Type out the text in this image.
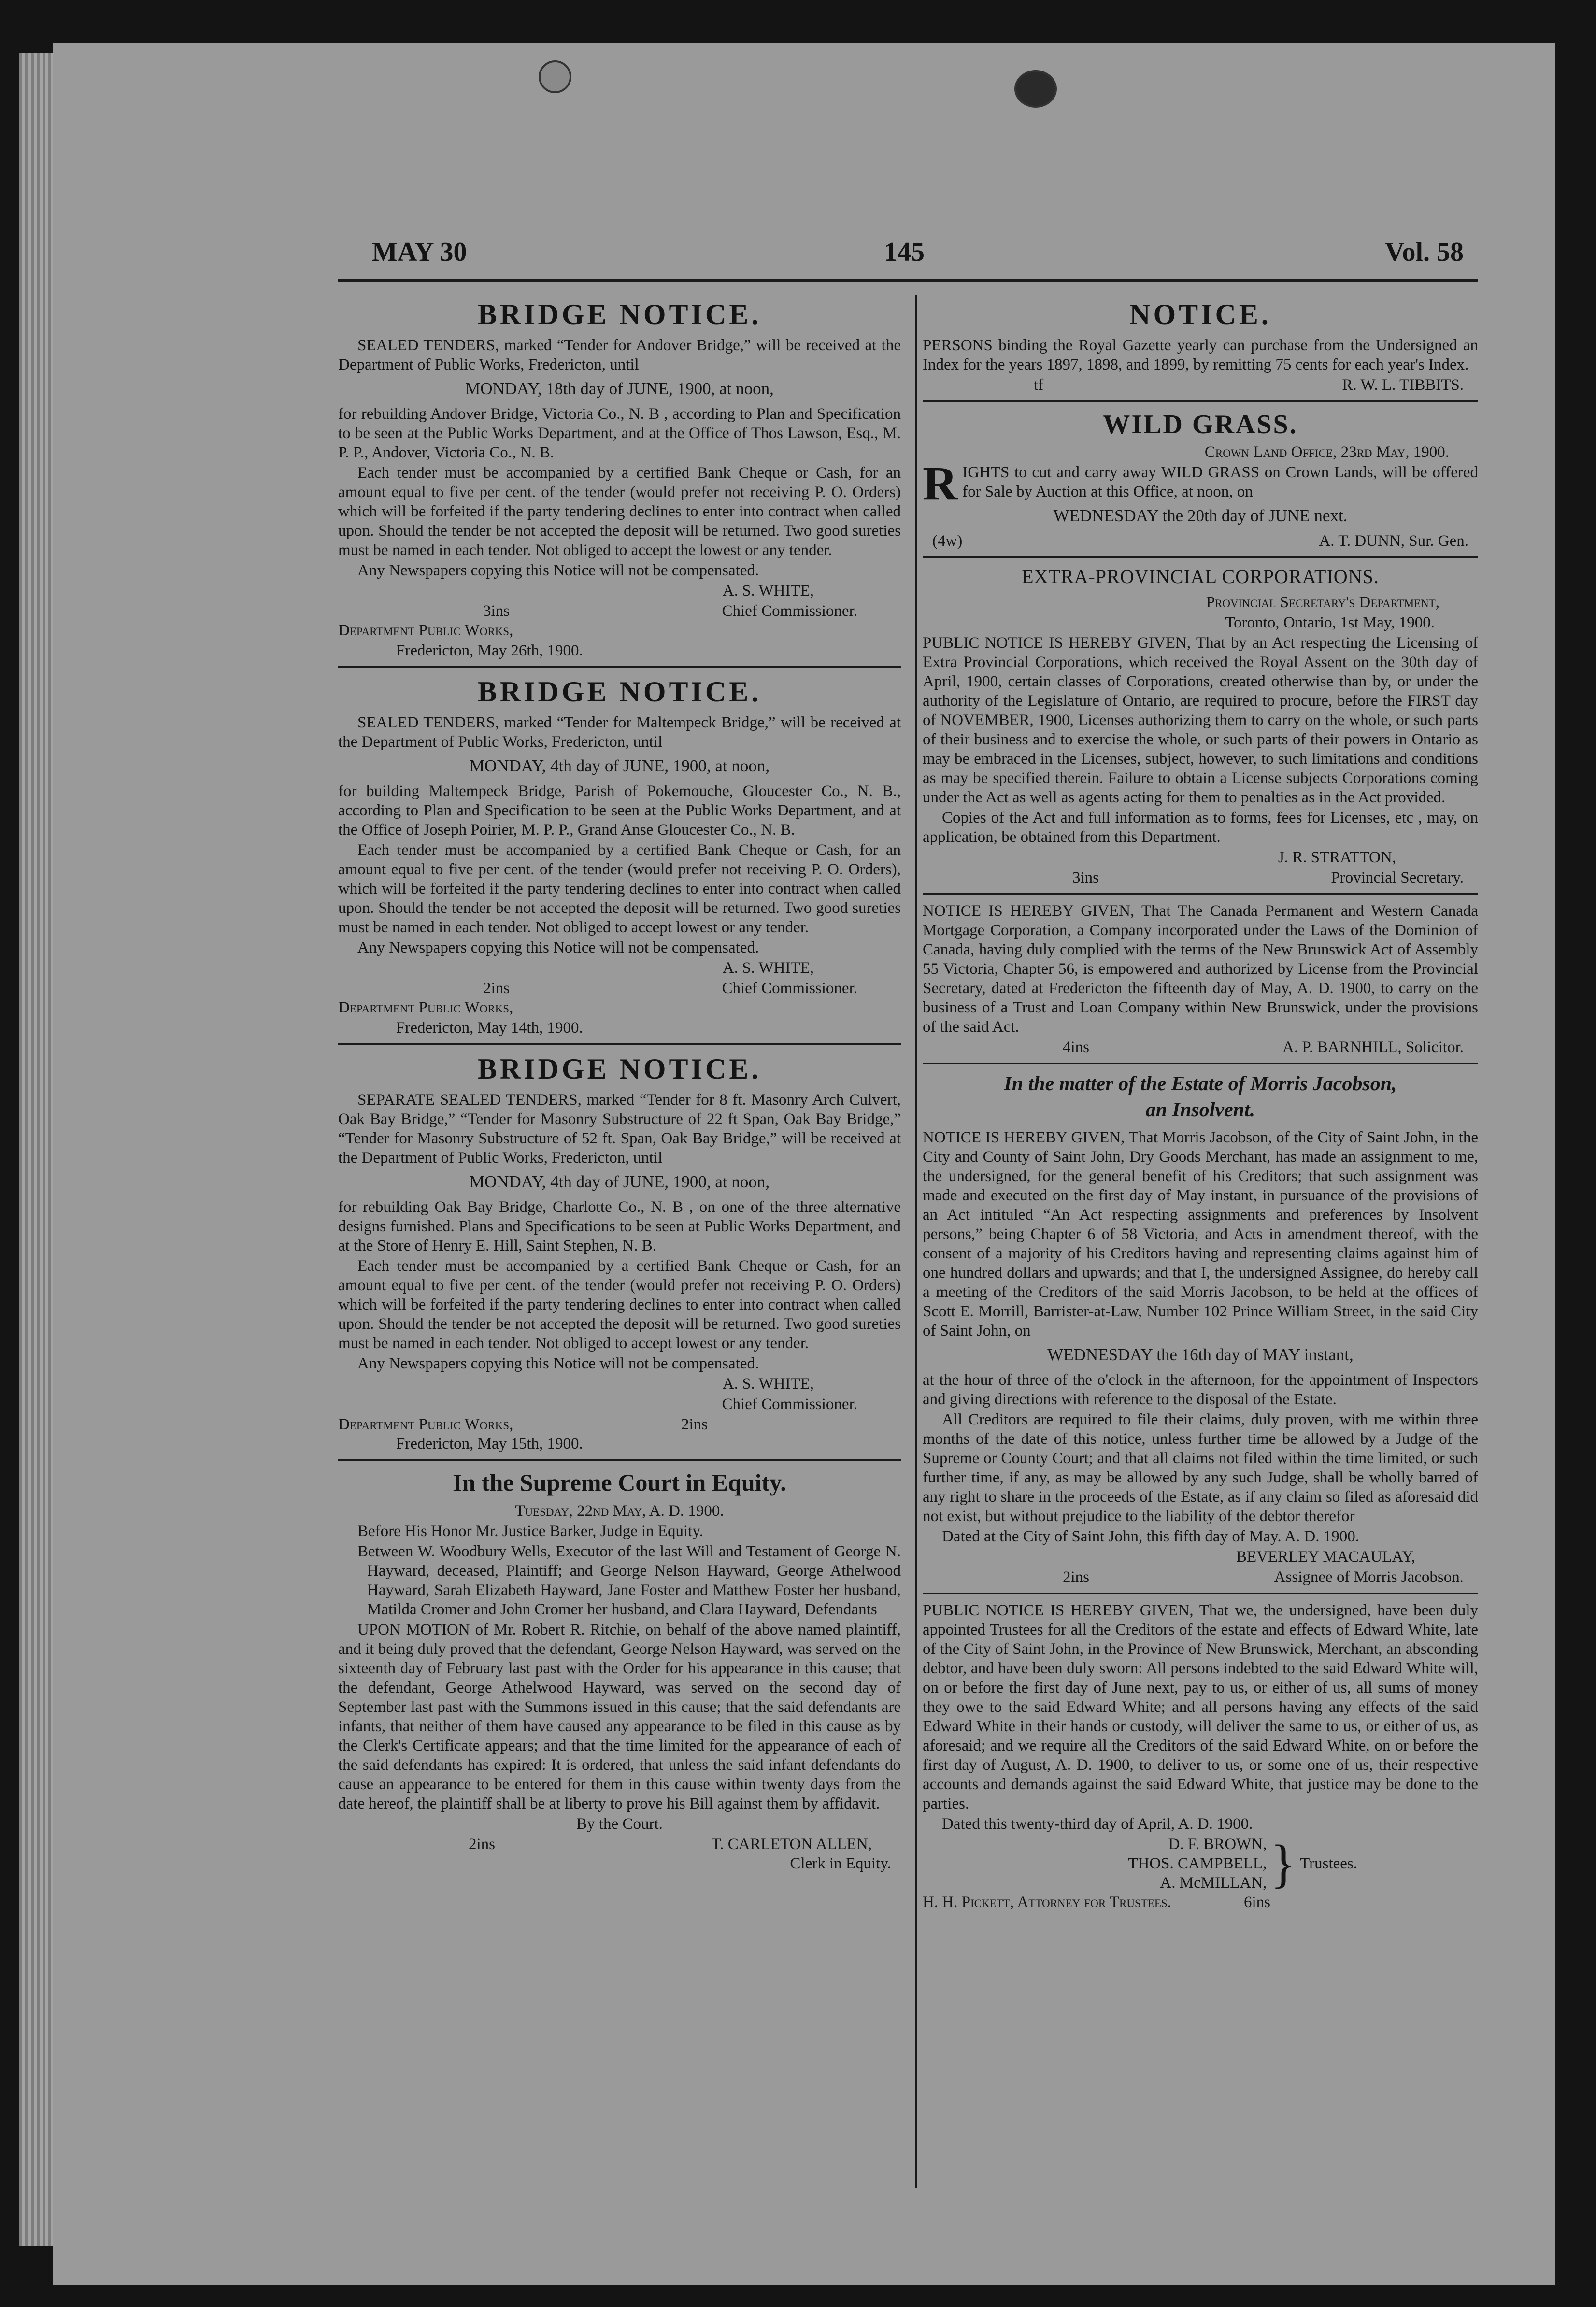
MAY 30	145	Vol. 58
BRIDGE NOTICE.

SEALED TENDERS, marked “Tender for Andover Bridge,” will be received at the Department of Public Works, Fredericton, until

MONDAY, 18th day of JUNE, 1900, at noon,

for rebuilding Andover Bridge, Victoria Co., N. B , according to Plan and Specification to be seen at the Public Works Department, and at the Office of Thos Lawson, Esq., M. P. P., Andover, Victoria Co., N. B.

Each tender must be accompanied by a certified Bank Cheque or Cash, for an amount equal to five per cent. of the tender (would prefer not receiving P. O. Orders) which will be forfeited if the party tendering declines to enter into contract when called upon. Should the tender be not accepted the deposit will be returned. Two good sureties must be named in each tender. Not obliged to accept the lowest or any tender.

Any Newspapers copying this Notice will not be compensated.

A. S. WHITE,

3ins	Chief Commissioner.

Department Public Works,

Fredericton, May 26th, 1900.

BRIDGE NOTICE.

SEALED TENDERS, marked “Tender for Maltempeck Bridge,” will be received at the Department of Public Works, Fredericton, until

MONDAY, 4th day of JUNE, 1900, at noon,

for building Maltempeck Bridge, Parish of Pokemouche, Gloucester Co., N. B., according to Plan and Specification to be seen at the Public Works Department, and at the Office of Joseph Poirier, M. P. P., Grand Anse Gloucester Co., N. B.

Each tender must be accompanied by a certified Bank Cheque or Cash, for an amount equal to five per cent. of the tender (would prefer not receiving P. O. Orders), which will be forfeited if the party tendering declines to enter into contract when called upon. Should the tender be not accepted the deposit will be returned. Two good sureties must be named in each tender. Not obliged to accept lowest or any tender.

Any Newspapers copying this Notice will not be compensated.

A. S. WHITE,

2ins	Chief Commissioner.

Department Public Works,

Fredericton, May 14th, 1900.

BRIDGE NOTICE.

SEPARATE SEALED TENDERS, marked “Tender for 8 ft. Masonry Arch Culvert, Oak Bay Bridge,” “Tender for Masonry Substructure of 22 ft Span, Oak Bay Bridge,” “Tender for Masonry Substructure of 52 ft. Span, Oak Bay Bridge,” will be received at the Department of Public Works, Fredericton, until

MONDAY, 4th day of JUNE, 1900, at noon,

for rebuilding Oak Bay Bridge, Charlotte Co., N. B , on one of the three alternative designs furnished. Plans and Specifications to be seen at Public Works Department, and at the Store of Henry E. Hill, Saint Stephen, N. B.

Each tender must be accompanied by a certified Bank Cheque or Cash, for an amount equal to five per cent. of the tender (would prefer not receiving P. O. Orders) which will be forfeited if the party tendering declines to enter into contract when called upon. Should the tender be not accepted the deposit will be returned. Two good sureties must be named in each tender. Not obliged to accept lowest or any tender.

Any Newspapers copying this Notice will not be compensated.

A. S. WHITE,

Chief Commissioner.

Department Public Works,	2ins

Fredericton, May 15th, 1900.

In the Supreme Court in Equity.

Tuesday, 22nd May, A. D. 1900.

Before His Honor Mr. Justice Barker, Judge in Equity.

Between W. Woodbury Wells, Executor of the last Will and Testament of George N. Hayward, deceased, Plaintiff; and George Nelson Hayward, George Athelwood Hayward, Sarah Elizabeth Hayward, Jane Foster and Matthew Foster her husband, Matilda Cromer and John Cromer her husband, and Clara Hayward, Defendants

UPON MOTION of Mr. Robert R. Ritchie, on behalf of the above named plaintiff, and it being duly proved that the defendant, George Nelson Hayward, was served on the sixteenth day of February last past with the Order for his appearance in this cause; that the defendant, George Athelwood Hayward, was served on the second day of September last past with the Summons issued in this cause; that the said defendants are infants, that neither of them have caused any appearance to be filed in this cause as by the Clerk's Certificate appears; and that the time limited for the appearance of each of the said defendants has expired: It is ordered, that unless the said infant defendants do cause an appearance to be entered for them in this cause within twenty days from the date hereof, the plaintiff shall be at liberty to prove his Bill against them by affidavit.

By the Court.

2ins	T. CARLETON ALLEN,

Clerk in Equity.

NOTICE.

PERSONS binding the Royal Gazette yearly can purchase from the Undersigned an Index for the years 1897, 1898, and 1899, by remitting 75 cents for each year's Index.

tf	R. W. L. TIBBITS.
WILD GRASS.

Crown Land Office, 23rd May, 1900.

RIGHTS to cut and carry away WILD GRASS on Crown Lands, will be offered for Sale by Auction at this Office, at noon, on

WEDNESDAY the 20th day of JUNE next.

(4w)	A. T. DUNN, Sur. Gen.
EXTRA-PROVINCIAL CORPORATIONS.

Provincial Secretary's Department,

Toronto, Ontario, 1st May, 1900.

PUBLIC NOTICE IS HEREBY GIVEN, That by an Act respecting the Licensing of Extra Provincial Corporations, which received the Royal Assent on the 30th day of April, 1900, certain classes of Corporations, created otherwise than by, or under the authority of the Legislature of Ontario, are required to procure, before the FIRST day of NOVEMBER, 1900, Licenses authorizing them to carry on the whole, or such parts of their business and to exercise the whole, or such parts of their powers in Ontario as may be embraced in the Licenses, subject, however, to such limitations and conditions as may be specified therein. Failure to obtain a License subjects Corporations coming under the Act as well as agents acting for them to penalties as in the Act provided.

Copies of the Act and full information as to forms, fees for Licenses, etc , may, on application, be obtained from this Department.

J. R. STRATTON,

3ins	Provincial Secretary.

NOTICE IS HEREBY GIVEN, That The Canada Permanent and Western Canada Mortgage Corporation, a Company incorporated under the Laws of the Dominion of Canada, having duly complied with the terms of the New Brunswick Act of Assembly 55 Victoria, Chapter 56, is empowered and authorized by License from the Provincial Secretary, dated at Fredericton the fifteenth day of May, A. D. 1900, to carry on the business of a Trust and Loan Company within New Brunswick, under the provisions of the said Act.

4ins	A. P. BARNHILL, Solicitor.
In the matter of the Estate of Morris Jacobson,
an Insolvent.

NOTICE IS HEREBY GIVEN, That Morris Jacobson, of the City of Saint John, in the City and County of Saint John, Dry Goods Merchant, has made an assignment to me, the undersigned, for the general benefit of his Creditors; that such assignment was made and executed on the first day of May instant, in pursuance of the provisions of an Act intituled “An Act respecting assignments and preferences by Insolvent persons,” being Chapter 6 of 58 Victoria, and Acts in amendment thereof, with the consent of a majority of his Creditors having and representing claims against him of one hundred dollars and upwards; and that I, the undersigned Assignee, do hereby call a meeting of the Creditors of the said Morris Jacobson, to be held at the offices of Scott E. Morrill, Barrister-at-Law, Number 102 Prince William Street, in the said City of Saint John, on

WEDNESDAY the 16th day of MAY instant,

at the hour of three of the o'clock in the afternoon, for the appointment of Inspectors and giving directions with reference to the disposal of the Estate.

All Creditors are required to file their claims, duly proven, with me within three months of the date of this notice, unless further time be allowed by a Judge of the Supreme or County Court; and that all claims not filed within the time limited, or such further time, if any, as may be allowed by any such Judge, shall be wholly barred of any right to share in the proceeds of the Estate, as if any claim so filed as aforesaid did not exist, but without prejudice to the liability of the debtor therefor

Dated at the City of Saint John, this fifth day of May. A. D. 1900.

BEVERLEY MACAULAY,

2ins	Assignee of Morris Jacobson.

PUBLIC NOTICE IS HEREBY GIVEN, That we, the undersigned, have been duly appointed Trustees for all the Creditors of the estate and effects of Edward White, late of the City of Saint John, in the Province of New Brunswick, Merchant, an absconding debtor, and have been duly sworn: All persons indebted to the said Edward White will, on or before the first day of June next, pay to us, or either of us, all sums of money they owe to the said Edward White; and all persons having any effects of the said Edward White in their hands or custody, will deliver the same to us, or either of us, as aforesaid; and we require all the Creditors of the said Edward White, on or before the first day of August, A. D. 1900, to deliver to us, or some one of us, their respective accounts and demands against the said Edward White, that justice may be done to the parties.

Dated this twenty-third day of April, A. D. 1900.

D. F. BROWN,
THOS. CAMPBELL,
A. McMILLAN, } Trustees.
H. H. Pickett, Attorney for Trustees.	6ins
